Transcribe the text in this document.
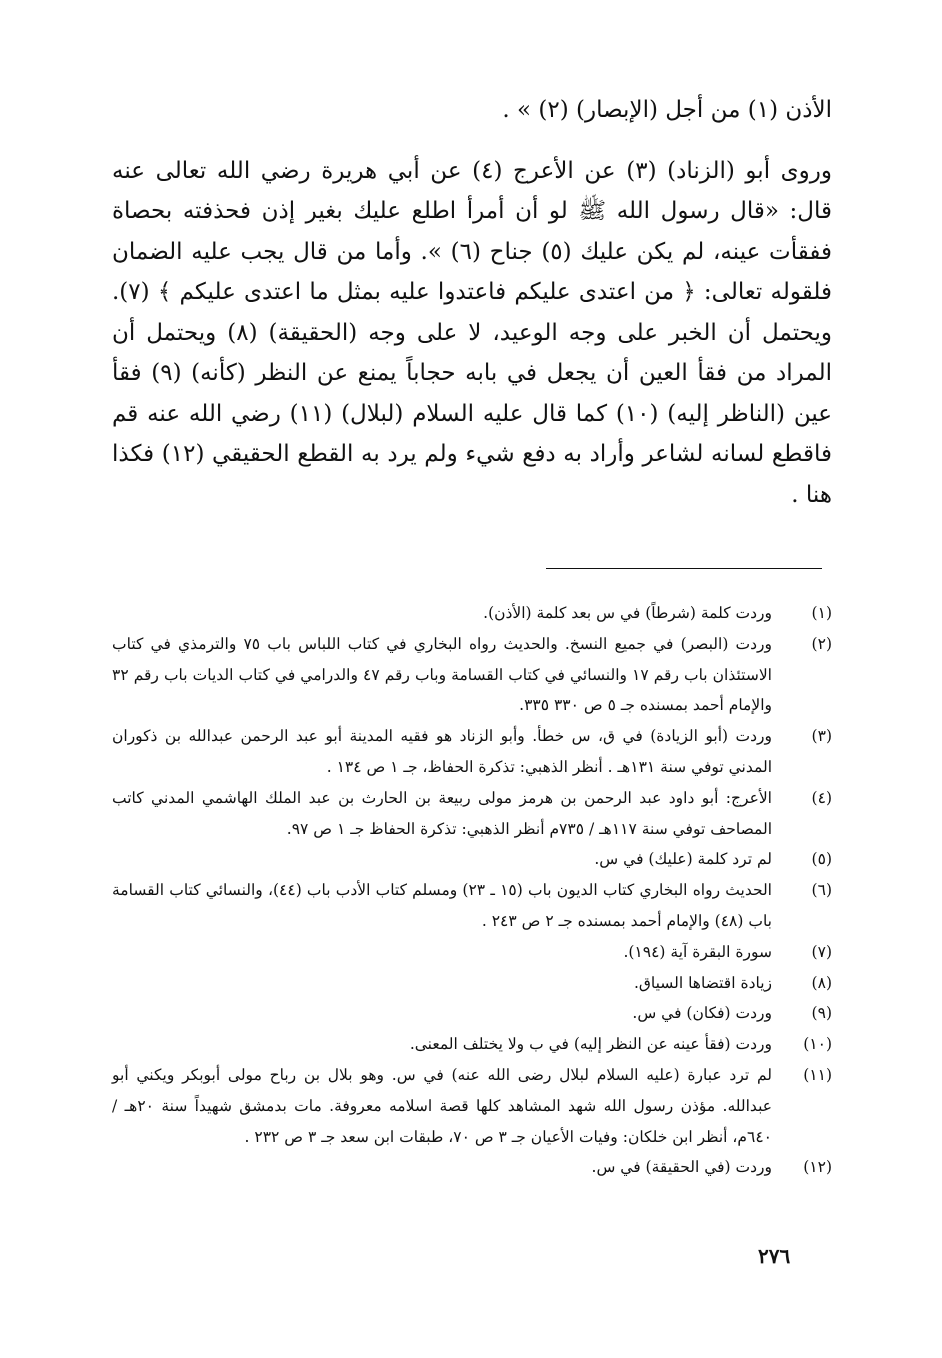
الأذن (١) من أجل (الإبصار) (٢) » .

وروى أبو (الزناد) (٣) عن الأعرج (٤) عن أبي هريرة رضي الله تعالى عنه قال: «قال رسول الله ﷺ لو أن أمرأ اطلع عليك بغير إذن فحذفته بحصاة ففقأت عينه، لم يكن عليك (٥) جناح (٦) ». وأما من قال يجب عليه الضمان فلقوله تعالى: ﴿ من اعتدى عليكم فاعتدوا عليه بمثل ما اعتدى عليكم ﴾ (٧). ويحتمل أن الخبر على وجه الوعيد، لا على وجه (الحقيقة) (٨) ويحتمل أن المراد من فقأ العين أن يجعل في بابه حجاباً يمنع عن النظر (كأنه) (٩) فقأ عين (الناظر إليه) (١٠) كما قال عليه السلام (لبلال) (١١) رضي الله عنه قم فاقطع لسانه لشاعر وأراد به دفع شيء ولم يرد به القطع الحقيقي (١٢) فكذا هنا .

(١)
وردت كلمة (شرطاً) في س بعد كلمة (الأذن).
(٢)
وردت (البصر) في جميع النسخ. والحديث رواه البخاري في كتاب اللباس باب ٧٥ والترمذي في كتاب الاستئذان باب رقم ١٧ والنسائي في كتاب القسامة وباب رقم ٤٧ والدرامي في كتاب الديات باب رقم ٣٢ والإمام أحمد بمسنده جـ ٥ ص ٣٣٠ ٣٣٥.
(٣)
وردت (أبو الزيادة) في ق، س خطأ. وأبو الزناد هو فقيه المدينة أبو عبد الرحمن عبدالله بن ذكوران المدني توفي سنة ١٣١هـ . أنظر الذهبي: تذكرة الحفاظ، جـ ١ ص ١٣٤ .
(٤)
الأعرج: أبو داود عبد الرحمن بن هرمز مولى ربيعة بن الحارث بن عبد الملك الهاشمي المدني كاتب المصاحف توفي سنة ١١٧هـ / ٧٣٥م أنظر الذهبي: تذكرة الحفاظ جـ ١ ص ٩٧.
(٥)
لم ترد كلمة (عليك) في س.
(٦)
الحديث رواه البخاري كتاب الديون باب (١٥ ـ ٢٣) ومسلم كتاب الأدب باب (٤٤)، والنسائي كتاب القسامة باب (٤٨) والإمام أحمد بمسنده جـ ٢ ص ٢٤٣ .
(٧)
سورة البقرة آية (١٩٤).
(٨)
زيادة اقتضاها السياق.
(٩)
وردت (فكان) في س.
(١٠)
وردت (فقأ عينه عن النظر إليه) في ب ولا يختلف المعنى.
(١١)
لم ترد عبارة (عليه السلام لبلال رضى الله عنه) في س. وهو بلال بن رباح مولى أبوبكر ويكني أبو عبدالله. مؤذن رسول الله شهد المشاهد كلها قصة اسلامه معروفة. مات بدمشق شهيداً سنة ٢٠هـ / ٦٤٠م، أنظر ابن خلكان: وفيات الأعيان جـ ٣ ص ٧٠، طبقات ابن سعد جـ ٣ ص ٢٣٢ .
(١٢)
وردت (في الحقيقة) في س.
٢٧٦
